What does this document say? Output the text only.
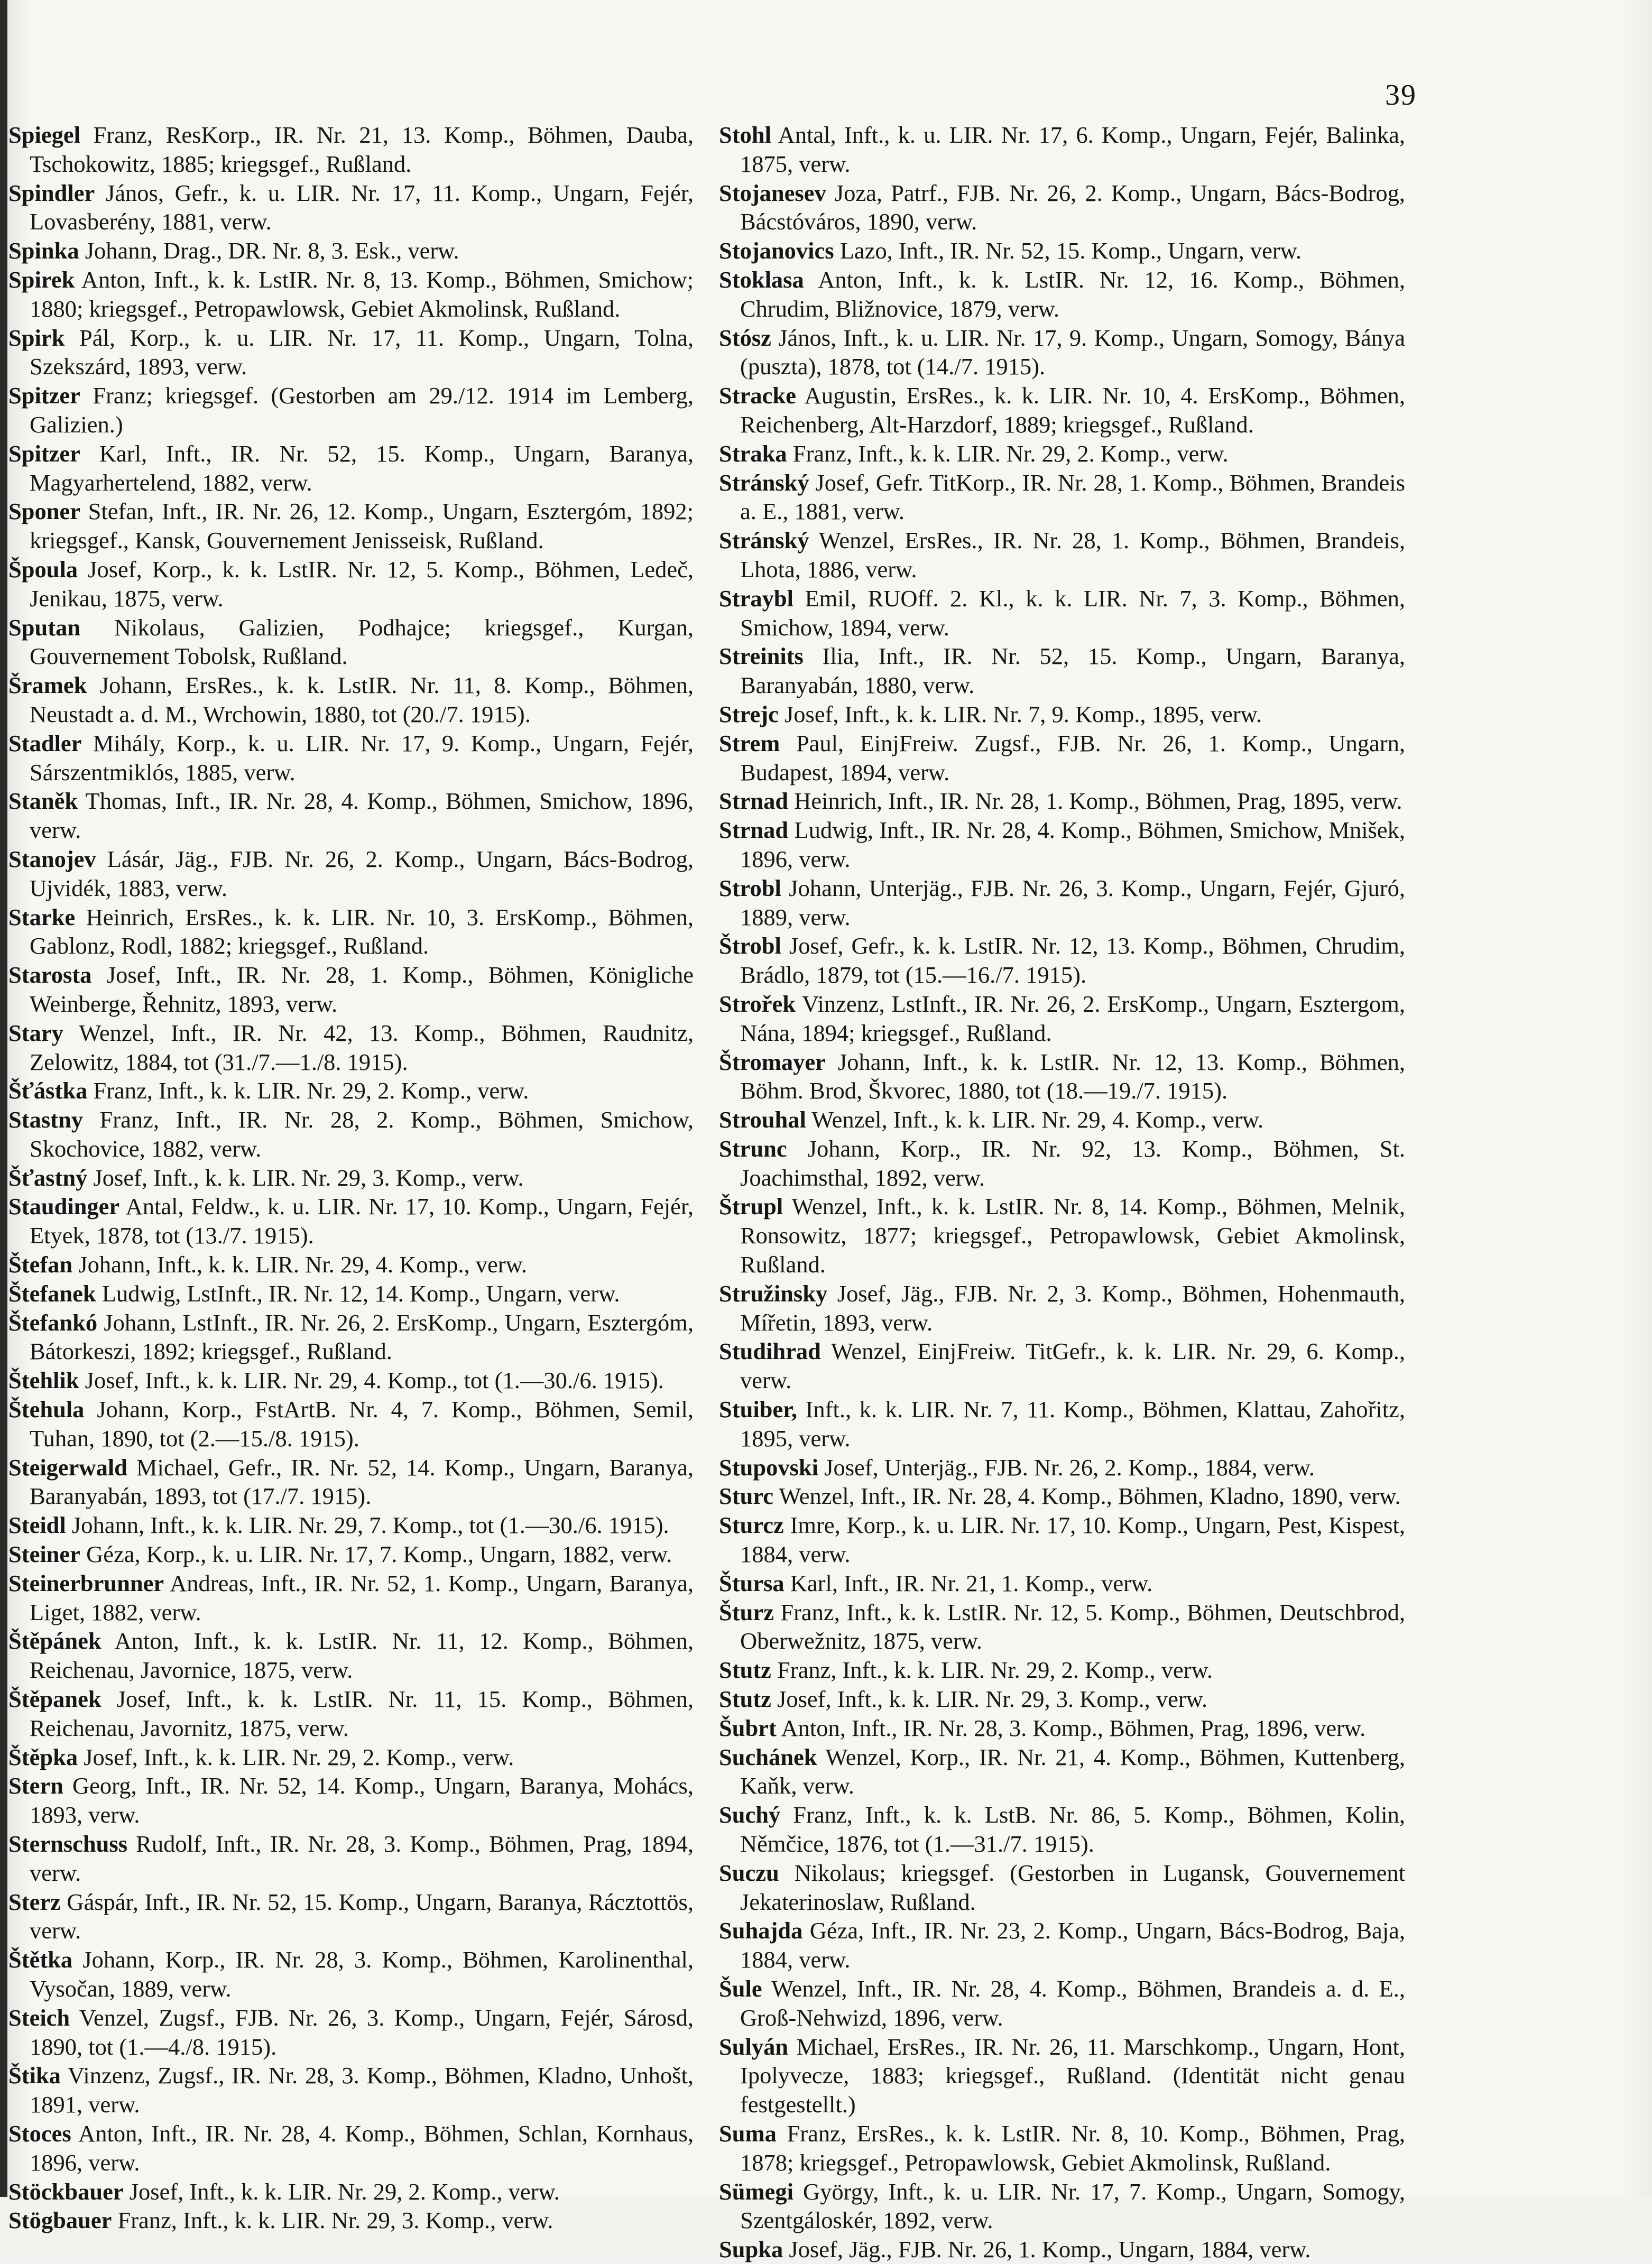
39
Spiegel Franz, ResKorp., IR. Nr. 21, 13. Komp., Böhmen, Dauba, Tschokowitz, 1885; kriegsgef., Rußland.
Spindler János, Gefr., k. u. LIR. Nr. 17, 11. Komp., Ungarn, Fejér, Lovasberény, 1881, verw.
Spinka Johann, Drag., DR. Nr. 8, 3. Esk., verw.
Spirek Anton, Inft., k. k. LstIR. Nr. 8, 13. Komp., Böhmen, Smichow; 1880; kriegsgef., Petropawlowsk, Gebiet Akmolinsk, Rußland.
Spirk Pál, Korp., k. u. LIR. Nr. 17, 11. Komp., Ungarn, Tolna, Szekszárd, 1893, verw.
Spitzer Franz; kriegsgef. (Gestorben am 29./12. 1914 im Lemberg, Galizien.)
Spitzer Karl, Inft., IR. Nr. 52, 15. Komp., Ungarn, Baranya, Magyarhertelend, 1882, verw.
Sponer Stefan, Inft., IR. Nr. 26, 12. Komp., Ungarn, Esztergóm, 1892; kriegsgef., Kansk, Gouvernement Jenisseisk, Rußland.
Špoula Josef, Korp., k. k. LstIR. Nr. 12, 5. Komp., Böhmen, Ledeč, Jenikau, 1875, verw.
Sputan Nikolaus, Galizien, Podhajce; kriegsgef., Kurgan, Gouvernement Tobolsk, Rußland.
Šramek Johann, ErsRes., k. k. LstIR. Nr. 11, 8. Komp., Böhmen, Neustadt a. d. M., Wrchowin, 1880, tot (20./7. 1915).
Stadler Mihály, Korp., k. u. LIR. Nr. 17, 9. Komp., Ungarn, Fejér, Sárszentmiklós, 1885, verw.
Staněk Thomas, Inft., IR. Nr. 28, 4. Komp., Böhmen, Smichow, 1896, verw.
Stanojev Lásár, Jäg., FJB. Nr. 26, 2. Komp., Ungarn, Bács-Bodrog, Ujvidék, 1883, verw.
Starke Heinrich, ErsRes., k. k. LIR. Nr. 10, 3. ErsKomp., Böhmen, Gablonz, Rodl, 1882; kriegsgef., Rußland.
Starosta Josef, Inft., IR. Nr. 28, 1. Komp., Böhmen, Königliche Weinberge, Řehnitz, 1893, verw.
Stary Wenzel, Inft., IR. Nr. 42, 13. Komp., Böhmen, Raudnitz, Zelowitz, 1884, tot (31./7.—1./8. 1915).
Šťástka Franz, Inft., k. k. LIR. Nr. 29, 2. Komp., verw.
Stastny Franz, Inft., IR. Nr. 28, 2. Komp., Böhmen, Smichow, Skochovice, 1882, verw.
Šťastný Josef, Inft., k. k. LIR. Nr. 29, 3. Komp., verw.
Staudinger Antal, Feldw., k. u. LIR. Nr. 17, 10. Komp., Ungarn, Fejér, Etyek, 1878, tot (13./7. 1915).
Štefan Johann, Inft., k. k. LIR. Nr. 29, 4. Komp., verw.
Štefanek Ludwig, LstInft., IR. Nr. 12, 14. Komp., Ungarn, verw.
Štefankó Johann, LstInft., IR. Nr. 26, 2. ErsKomp., Ungarn, Esztergóm, Bátorkeszi, 1892; kriegsgef., Rußland.
Štehlik Josef, Inft., k. k. LIR. Nr. 29, 4. Komp., tot (1.—30./6. 1915).
Štehula Johann, Korp., FstArtB. Nr. 4, 7. Komp., Böhmen, Semil, Tuhan, 1890, tot (2.—15./8. 1915).
Steigerwald Michael, Gefr., IR. Nr. 52, 14. Komp., Ungarn, Baranya, Baranyabán, 1893, tot (17./7. 1915).
Steidl Johann, Inft., k. k. LIR. Nr. 29, 7. Komp., tot (1.—30./6. 1915).
Steiner Géza, Korp., k. u. LIR. Nr. 17, 7. Komp., Ungarn, 1882, verw.
Steinerbrunner Andreas, Inft., IR. Nr. 52, 1. Komp., Ungarn, Baranya, Liget, 1882, verw.
Štěpánek Anton, Inft., k. k. LstIR. Nr. 11, 12. Komp., Böhmen, Reichenau, Javornice, 1875, verw.
Štěpanek Josef, Inft., k. k. LstIR. Nr. 11, 15. Komp., Böhmen, Reichenau, Javornitz, 1875, verw.
Štěpka Josef, Inft., k. k. LIR. Nr. 29, 2. Komp., verw.
Stern Georg, Inft., IR. Nr. 52, 14. Komp., Ungarn, Baranya, Mohács, 1893, verw.
Sternschuss Rudolf, Inft., IR. Nr. 28, 3. Komp., Böhmen, Prag, 1894, verw.
Sterz Gáspár, Inft., IR. Nr. 52, 15. Komp., Ungarn, Baranya, Rácztottös, verw.
Štětka Johann, Korp., IR. Nr. 28, 3. Komp., Böhmen, Karolinenthal, Vysočan, 1889, verw.
Steich Venzel, Zugsf., FJB. Nr. 26, 3. Komp., Ungarn, Fejér, Sárosd, 1890, tot (1.—4./8. 1915).
Štika Vinzenz, Zugsf., IR. Nr. 28, 3. Komp., Böhmen, Kladno, Unhošt, 1891, verw.
Stoces Anton, Inft., IR. Nr. 28, 4. Komp., Böhmen, Schlan, Kornhaus, 1896, verw.
Stöckbauer Josef, Inft., k. k. LIR. Nr. 29, 2. Komp., verw.
Stögbauer Franz, Inft., k. k. LIR. Nr. 29, 3. Komp., verw.
Stohl Antal, Inft., k. u. LIR. Nr. 17, 6. Komp., Ungarn, Fejér, Balinka, 1875, verw.
Stojanesev Joza, Patrf., FJB. Nr. 26, 2. Komp., Ungarn, Bács-Bodrog, Bácstóváros, 1890, verw.
Stojanovics Lazo, Inft., IR. Nr. 52, 15. Komp., Ungarn, verw.
Stoklasa Anton, Inft., k. k. LstIR. Nr. 12, 16. Komp., Böhmen, Chrudim, Bližnovice, 1879, verw.
Stósz János, Inft., k. u. LIR. Nr. 17, 9. Komp., Ungarn, Somogy, Bánya (puszta), 1878, tot (14./7. 1915).
Stracke Augustin, ErsRes., k. k. LIR. Nr. 10, 4. ErsKomp., Böhmen, Reichenberg, Alt-Harzdorf, 1889; kriegsgef., Rußland.
Straka Franz, Inft., k. k. LIR. Nr. 29, 2. Komp., verw.
Stránský Josef, Gefr. TitKorp., IR. Nr. 28, 1. Komp., Böhmen, Brandeis a. E., 1881, verw.
Stránský Wenzel, ErsRes., IR. Nr. 28, 1. Komp., Böhmen, Brandeis, Lhota, 1886, verw.
Straybl Emil, RUOff. 2. Kl., k. k. LIR. Nr. 7, 3. Komp., Böhmen, Smichow, 1894, verw.
Streinits Ilia, Inft., IR. Nr. 52, 15. Komp., Ungarn, Baranya, Baranyabán, 1880, verw.
Strejc Josef, Inft., k. k. LIR. Nr. 7, 9. Komp., 1895, verw.
Strem Paul, EinjFreiw. Zugsf., FJB. Nr. 26, 1. Komp., Ungarn, Budapest, 1894, verw.
Strnad Heinrich, Inft., IR. Nr. 28, 1. Komp., Böhmen, Prag, 1895, verw.
Strnad Ludwig, Inft., IR. Nr. 28, 4. Komp., Böhmen, Smichow, Mnišek, 1896, verw.
Strobl Johann, Unterjäg., FJB. Nr. 26, 3. Komp., Ungarn, Fejér, Gjuró, 1889, verw.
Štrobl Josef, Gefr., k. k. LstIR. Nr. 12, 13. Komp., Böhmen, Chrudim, Brádlo, 1879, tot (15.—16./7. 1915).
Strořek Vinzenz, LstInft., IR. Nr. 26, 2. ErsKomp., Ungarn, Esztergom, Nána, 1894; kriegsgef., Rußland.
Štromayer Johann, Inft., k. k. LstIR. Nr. 12, 13. Komp., Böhmen, Böhm. Brod, Škvorec, 1880, tot (18.—19./7. 1915).
Strouhal Wenzel, Inft., k. k. LIR. Nr. 29, 4. Komp., verw.
Strunc Johann, Korp., IR. Nr. 92, 13. Komp., Böhmen, St. Joachimsthal, 1892, verw.
Štrupl Wenzel, Inft., k. k. LstIR. Nr. 8, 14. Komp., Böhmen, Melnik, Ronsowitz, 1877; kriegsgef., Petropawlowsk, Gebiet Akmolinsk, Rußland.
Stružinsky Josef, Jäg., FJB. Nr. 2, 3. Komp., Böhmen, Hohenmauth, Mířetin, 1893, verw.
Studihrad Wenzel, EinjFreiw. TitGefr., k. k. LIR. Nr. 29, 6. Komp., verw.
Stuiber, Inft., k. k. LIR. Nr. 7, 11. Komp., Böhmen, Klattau, Zahořitz, 1895, verw.
Stupovski Josef, Unterjäg., FJB. Nr. 26, 2. Komp., 1884, verw.
Sturc Wenzel, Inft., IR. Nr. 28, 4. Komp., Böhmen, Kladno, 1890, verw.
Sturcz Imre, Korp., k. u. LIR. Nr. 17, 10. Komp., Ungarn, Pest, Kispest, 1884, verw.
Štursa Karl, Inft., IR. Nr. 21, 1. Komp., verw.
Šturz Franz, Inft., k. k. LstIR. Nr. 12, 5. Komp., Böhmen, Deutschbrod, Oberwežnitz, 1875, verw.
Stutz Franz, Inft., k. k. LIR. Nr. 29, 2. Komp., verw.
Stutz Josef, Inft., k. k. LIR. Nr. 29, 3. Komp., verw.
Šubrt Anton, Inft., IR. Nr. 28, 3. Komp., Böhmen, Prag, 1896, verw.
Suchánek Wenzel, Korp., IR. Nr. 21, 4. Komp., Böhmen, Kuttenberg, Kaňk, verw.
Suchý Franz, Inft., k. k. LstB. Nr. 86, 5. Komp., Böhmen, Kolin, Němčice, 1876, tot (1.—31./7. 1915).
Suczu Nikolaus; kriegsgef. (Gestorben in Lugansk, Gouvernement Jekaterinoslaw, Rußland.
Suhajda Géza, Inft., IR. Nr. 23, 2. Komp., Ungarn, Bács-Bodrog, Baja, 1884, verw.
Šule Wenzel, Inft., IR. Nr. 28, 4. Komp., Böhmen, Brandeis a. d. E., Groß-Nehwizd, 1896, verw.
Sulyán Michael, ErsRes., IR. Nr. 26, 11. Marschkomp., Ungarn, Hont, Ipolyvecze, 1883; kriegsgef., Rußland. (Identität nicht genau festgestellt.)
Suma Franz, ErsRes., k. k. LstIR. Nr. 8, 10. Komp., Böhmen, Prag, 1878; kriegsgef., Petropawlowsk, Gebiet Akmolinsk, Rußland.
Sümegi György, Inft., k. u. LIR. Nr. 17, 7. Komp., Ungarn, Somogy, Szentgáloskér, 1892, verw.
Supka Josef, Jäg., FJB. Nr. 26, 1. Komp., Ungarn, 1884, verw.
